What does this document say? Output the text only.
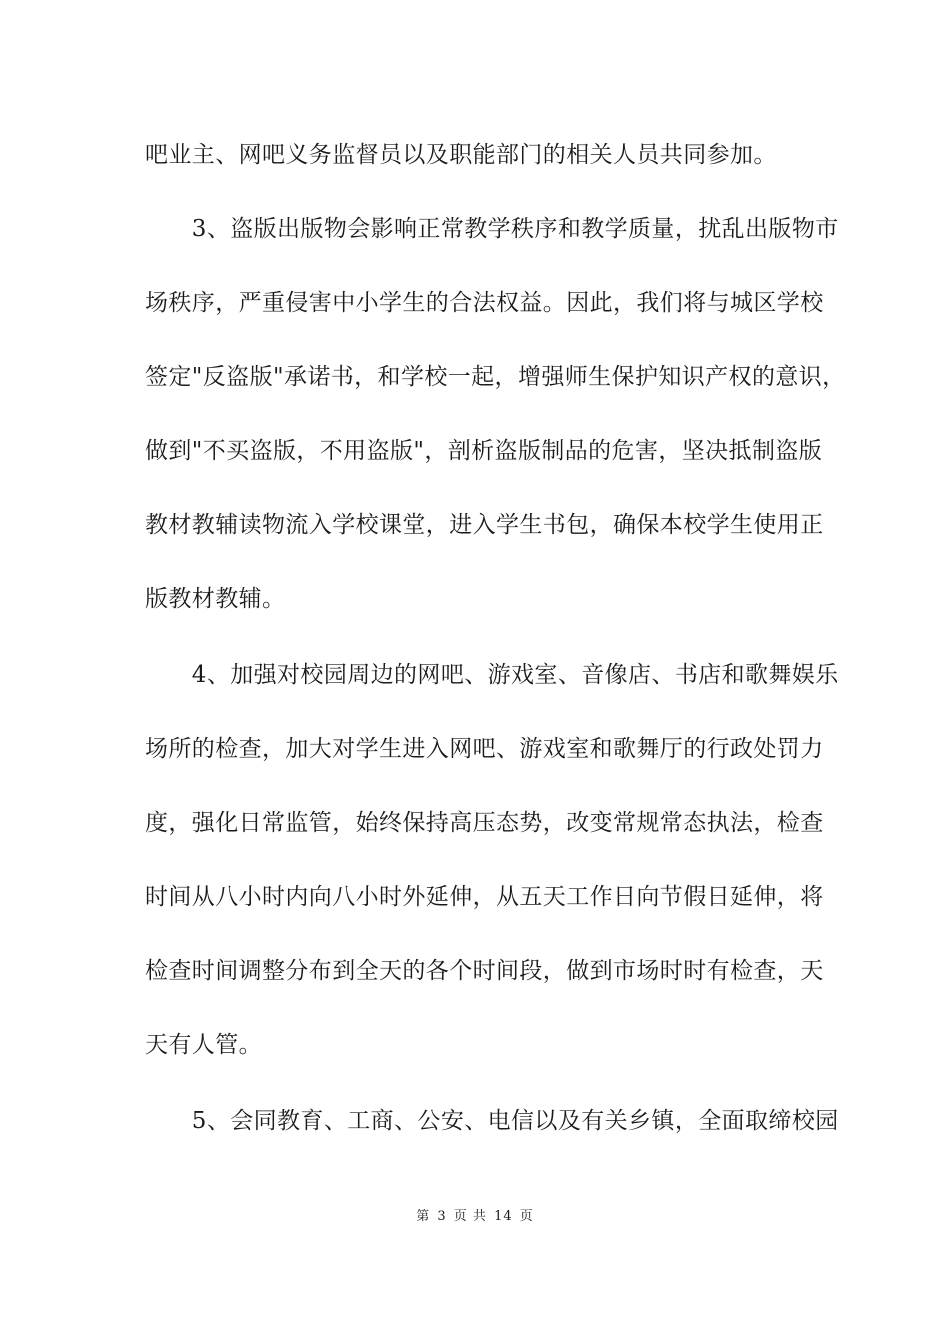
吧业主、网吧义务监督员以及职能部门的相关人员共同参加。
　　3、盗版出版物会影响正常教学秩序和教学质量，扰乱出版物市
场秩序，严重侵害中小学生的合法权益。因此，我们将与城区学校
签定"反盗版"承诺书，和学校一起，增强师生保护知识产权的意识，
做到"不买盗版，不用盗版"，剖析盗版制品的危害，坚决抵制盗版
教材教辅读物流入学校课堂，进入学生书包，确保本校学生使用正
版教材教辅。
　　4、加强对校园周边的网吧、游戏室、音像店、书店和歌舞娱乐
场所的检查，加大对学生进入网吧、游戏室和歌舞厅的行政处罚力
度，强化日常监管，始终保持高压态势，改变常规常态执法，检查
时间从八小时内向八小时外延伸，从五天工作日向节假日延伸，将
检查时间调整分布到全天的各个时间段，做到市场时时有检查，天
天有人管。
　　5、会同教育、工商、公安、电信以及有关乡镇，全面取缔校园
第 3 页 共 14 页
